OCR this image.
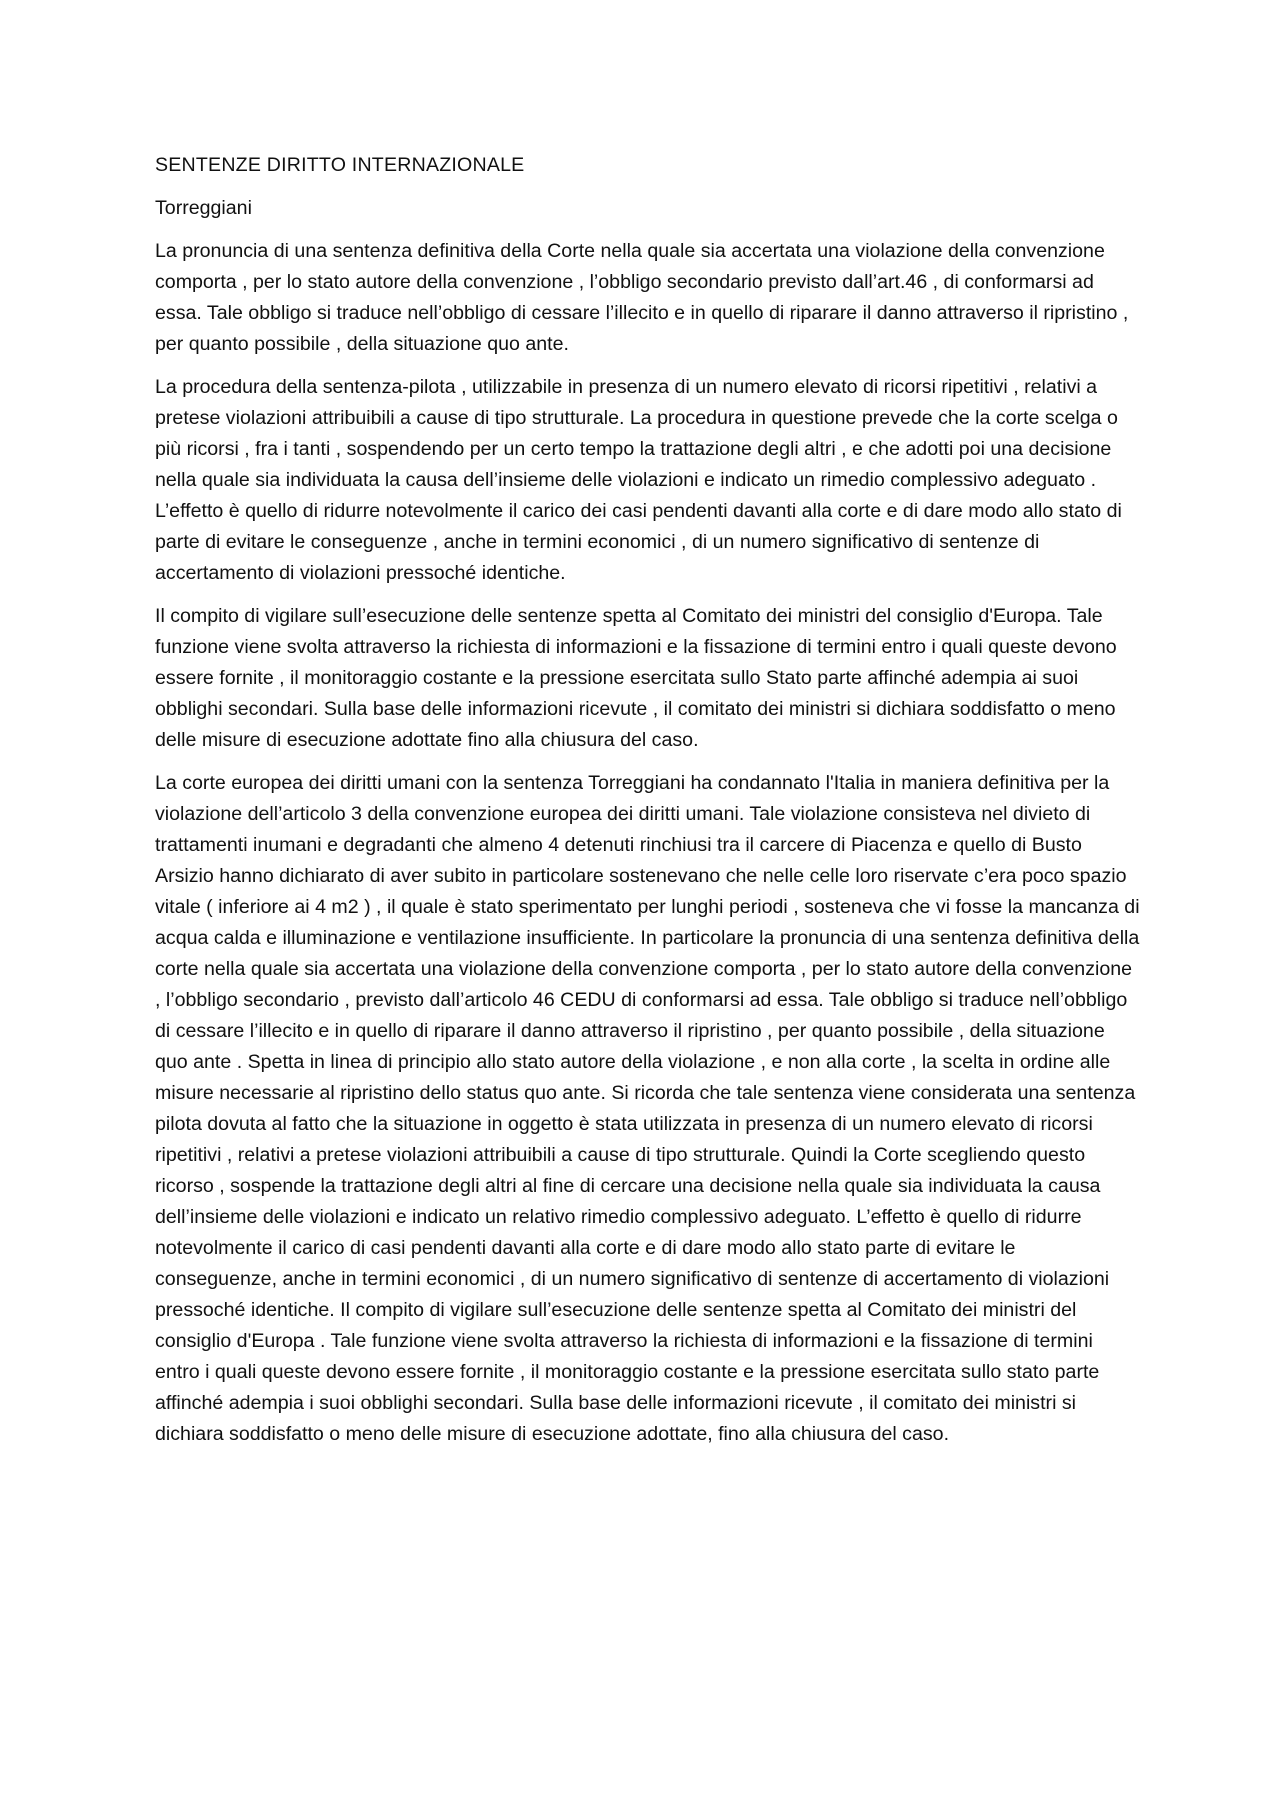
SENTENZE DIRITTO INTERNAZIONALE

Torreggiani

La pronuncia di una sentenza definitiva della Corte nella quale sia accertata una violazione della convenzione comporta , per lo stato autore della convenzione , l’obbligo secondario previsto dall’art.46 , di conformarsi ad essa. Tale obbligo si traduce nell’obbligo di cessare l’illecito e in quello di riparare il danno attraverso il ripristino , per quanto possibile , della situazione quo ante.

La procedura della sentenza-pilota , utilizzabile in presenza di un numero elevato di ricorsi ripetitivi , relativi a pretese violazioni attribuibili a cause di tipo strutturale. La procedura in questione prevede che la corte scelga o più ricorsi , fra i tanti , sospendendo per un certo tempo la trattazione degli altri , e che adotti poi una decisione nella quale sia individuata la causa dell’insieme delle violazioni e indicato un rimedio complessivo adeguato . L’effetto è quello di ridurre notevolmente il carico dei casi pendenti davanti alla corte e di dare modo allo stato di parte di evitare le conseguenze , anche in termini economici , di un numero significativo di sentenze di accertamento di violazioni pressoché identiche.

Il compito di vigilare sull’esecuzione delle sentenze spetta al Comitato dei ministri del consiglio d'Europa. Tale funzione viene svolta attraverso la richiesta di informazioni e la fissazione di termini entro i quali queste devono essere fornite , il monitoraggio costante e la pressione esercitata sullo Stato parte affinché adempia ai suoi obblighi secondari. Sulla base delle informazioni ricevute , il comitato dei ministri si dichiara soddisfatto o meno delle misure di esecuzione adottate fino alla chiusura del caso.

La corte europea dei diritti umani con la sentenza Torreggiani ha condannato l'Italia in maniera definitiva per la violazione dell’articolo 3 della convenzione europea dei diritti umani. Tale violazione consisteva nel divieto di trattamenti inumani e degradanti che almeno 4 detenuti rinchiusi tra il carcere di Piacenza e quello di Busto Arsizio hanno dichiarato di aver subito in particolare sostenevano che nelle celle loro riservate c’era poco spazio vitale ( inferiore ai 4 m2 ) , il quale è stato sperimentato per lunghi periodi , sosteneva che vi fosse la mancanza di acqua calda e illuminazione e ventilazione insufficiente. In particolare la pronuncia di una sentenza definitiva della corte nella quale sia accertata una violazione della convenzione comporta , per lo stato autore della convenzione , l’obbligo secondario , previsto dall’articolo 46 CEDU di conformarsi ad essa. Tale obbligo si traduce nell’obbligo di cessare l’illecito e in quello di riparare il danno attraverso il ripristino , per quanto possibile , della situazione quo ante . Spetta in linea di principio allo stato autore della violazione , e non alla corte , la scelta in ordine alle misure necessarie al ripristino dello status quo ante. Si ricorda che tale sentenza viene considerata una sentenza pilota dovuta al fatto che la situazione in oggetto è stata utilizzata in presenza di un numero elevato di ricorsi ripetitivi , relativi a pretese violazioni attribuibili a cause di tipo strutturale. Quindi la Corte scegliendo questo ricorso , sospende la trattazione degli altri al fine di cercare una decisione nella quale sia individuata la causa dell’insieme delle violazioni e indicato un relativo rimedio complessivo adeguato. L’effetto è quello di ridurre notevolmente il carico di casi pendenti davanti alla corte e di dare modo allo stato parte di evitare le conseguenze, anche in termini economici , di un numero significativo di sentenze di accertamento di violazioni pressoché identiche. Il compito di vigilare sull’esecuzione delle sentenze spetta al Comitato dei ministri del consiglio d'Europa . Tale funzione viene svolta attraverso la richiesta di informazioni e la fissazione di termini entro i quali queste devono essere fornite , il monitoraggio costante e la pressione esercitata sullo stato parte affinché adempia i suoi obblighi secondari. Sulla base delle informazioni ricevute , il comitato dei ministri si dichiara soddisfatto o meno delle misure di esecuzione adottate, fino alla chiusura del caso.
